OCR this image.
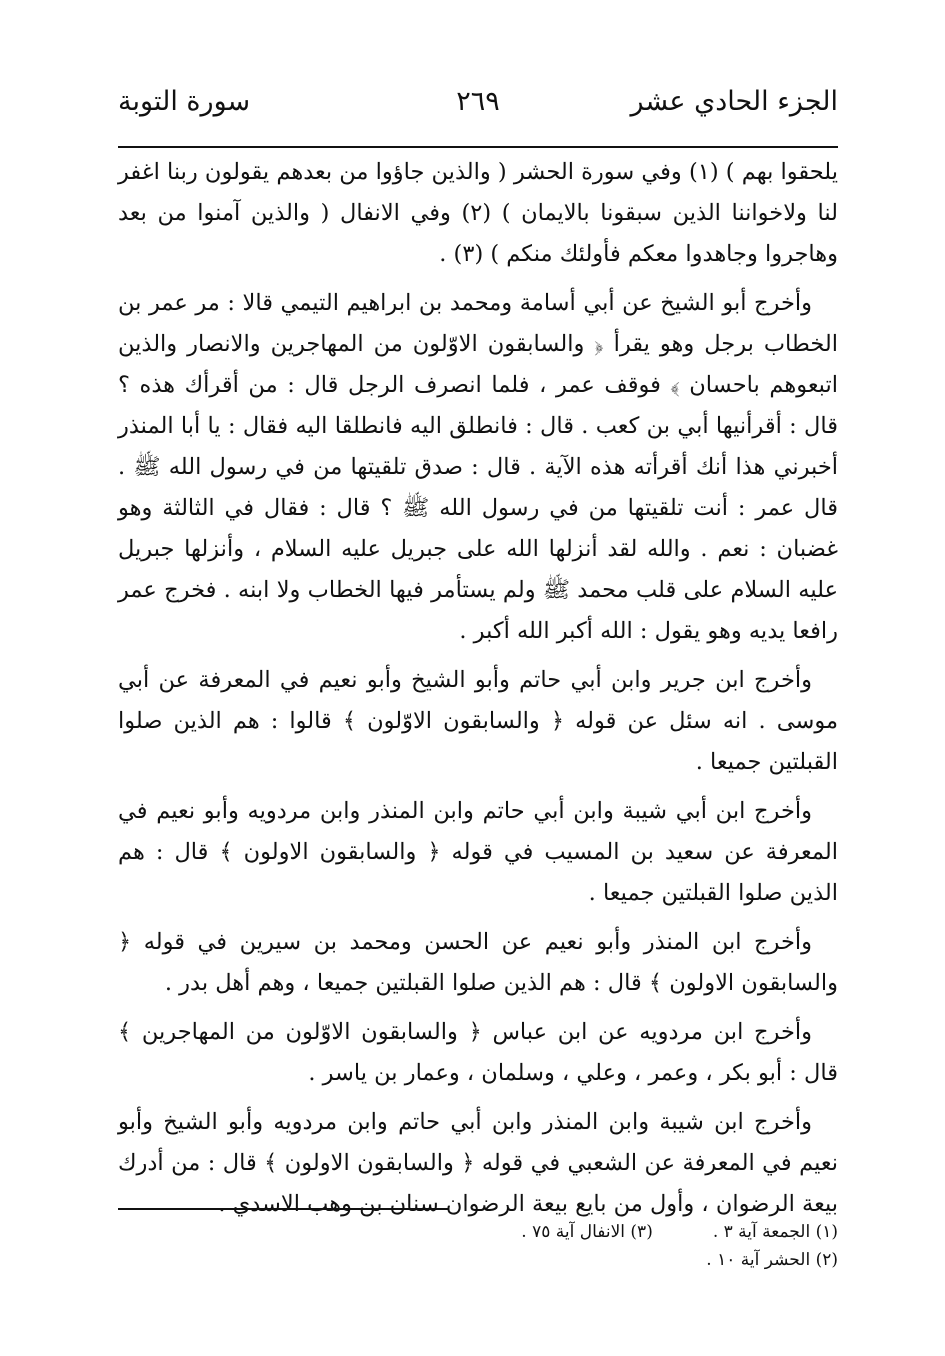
الجزء الحادي عشر
٢٦٩
سورة التوبة

يلحقوا بهم ) (١) وفي سورة الحشر ( والذين جاؤوا من بعدهم يقولون ربنا اغفر لنا ولاخواننا الذين سبقونا بالايمان ) (٢) وفي الانفال ( والذين آمنوا من بعد وهاجروا وجاهدوا معكم فأولئك منكم ) (٣) .

وأخرج أبو الشيخ عن أبي أسامة ومحمد بن ابراهيم التيمي قالا : مر عمر بن الخطاب برجل وهو يقرأ ﴿ والسابقون الاوّلون من المهاجرين والانصار والذين اتبعوهم باحسان ﴾ فوقف عمر ، فلما انصرف الرجل قال : من أقرأك هذه ؟ قال : أقرأنيها أبي بن كعب . قال : فانطلق اليه فانطلقا اليه فقال : يا أبا المنذر أخبرني هذا أنك أقرأته هذه الآية . قال : صدق تلقيتها من في رسول الله ﷺ . قال عمر : أنت تلقيتها من في رسول الله ﷺ ؟ قال : فقال في الثالثة وهو غضبان : نعم . والله لقد أنزلها الله على جبريل عليه السلام ، وأنزلها جبريل عليه السلام على قلب محمد ﷺ ولم يستأمر فيها الخطاب ولا ابنه . فخرج عمر رافعا يديه وهو يقول : الله أكبر الله أكبر .

وأخرج ابن جرير وابن أبي حاتم وأبو الشيخ وأبو نعيم في المعرفة عن أبي موسى . انه سئل عن قوله ﴿ والسابقون الاوّلون ﴾ قالوا : هم الذين صلوا القبلتين جميعا .

وأخرج ابن أبي شيبة وابن أبي حاتم وابن المنذر وابن مردويه وأبو نعيم في المعرفة عن سعيد بن المسيب في قوله ﴿ والسابقون الاولون ﴾ قال : هم الذين صلوا القبلتين جميعا .

وأخرج ابن المنذر وأبو نعيم عن الحسن ومحمد بن سيرين في قوله ﴿ والسابقون الاولون ﴾ قال : هم الذين صلوا القبلتين جميعا ، وهم أهل بدر .

وأخرج ابن مردويه عن ابن عباس ﴿ والسابقون الاوّلون من المهاجرين ﴾ قال : أبو بكر ، وعمر ، وعلي ، وسلمان ، وعمار بن ياسر .

وأخرج ابن شيبة وابن المنذر وابن أبي حاتم وابن مردويه وأبو الشيخ وأبو نعيم في المعرفة عن الشعبي في قوله ﴿ والسابقون الاولون ﴾ قال : من أدرك بيعة الرضوان ، وأول من بايع بيعة الرضوان سنان بن وهب الاسدي .

(١) الجمعة آية ٣ .
(٣) الانفال آية ٧٥ .
(٢) الحشر آية ١٠ .
